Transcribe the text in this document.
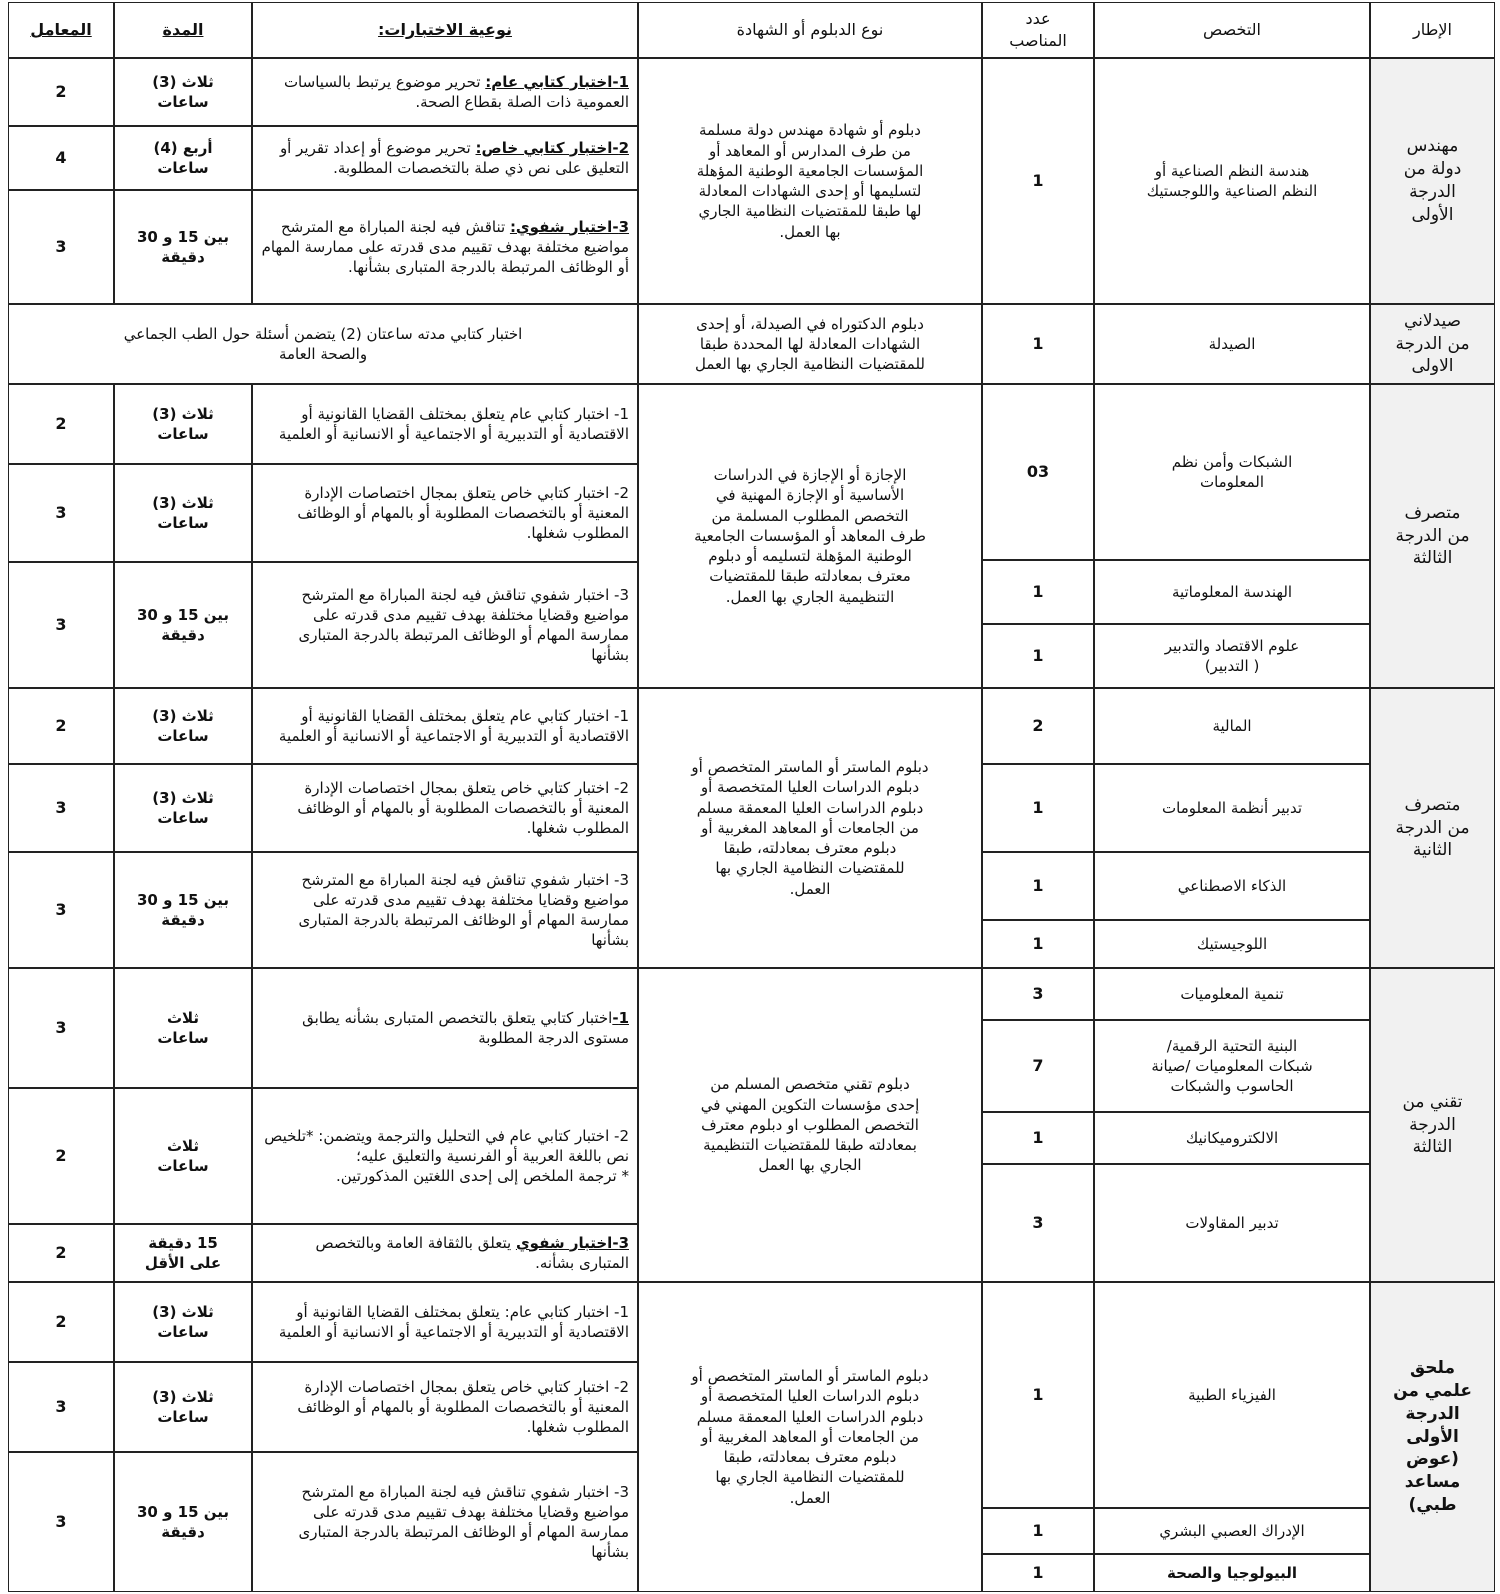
الإطار
التخصص
عدد
المناصب
نوع الدبلوم أو الشهادة
نوعية الاختبارات:
المدة
المعامل
مهندس
دولة من
الدرجة
الأولى
هندسة النظم الصناعية أو
النظم الصناعية واللوجستيك
1
دبلوم أو شهادة مهندس دولة مسلمة
من طرف المدارس أو المعاهد أو
المؤسسات الجامعية الوطنية المؤهلة
لتسليمها أو إحدى الشهادات المعادلة
لها طبقا للمقتضيات النظامية الجاري
بها العمل.
1-اختبار كتابي عام: تحرير موضوع يرتبط بالسياسات العمومية ذات الصلة بقطاع الصحة.
ثلاث (3)
ساعات
2
2-اختبار كتابي خاص: تحرير موضوع أو إعداد تقرير أو التعليق على نص ذي صلة بالتخصصات المطلوبة.
أربع (4)
ساعات
4
3-اختبار شفوي: تناقش فيه لجنة المباراة مع المترشح مواضيع مختلفة بهدف تقييم مدى قدرته على ممارسة المهام أو الوظائف المرتبطة بالدرجة المتبارى بشأنها.
بين 15 و 30
دقيقة
3
صيدلاني
من الدرجة
الاولى
الصيدلة
1
دبلوم الدكتوراه في الصيدلة، أو إحدى
الشهادات المعادلة لها المحددة طبقا
للمقتضيات النظامية الجاري بها العمل
اختبار كتابي مدته ساعتان (2) يتضمن أسئلة حول الطب الجماعي
والصحة العامة
متصرف
من الدرجة
الثالثة
الشبكات وأمن نظم
المعلومات
03
الهندسة المعلوماتية
1
علوم الاقتصاد والتدبير
( التدبير)
1
الإجازة أو الإجازة في الدراسات
الأساسية أو الإجازة المهنية في
التخصص المطلوب المسلمة من
طرف المعاهد أو المؤسسات الجامعية
الوطنية المؤهلة لتسليمه أو دبلوم
معترف بمعادلته طبقا للمقتضيات
التنظيمية الجاري بها العمل.
1- اختبار كتابي عام يتعلق بمختلف القضايا القانونية أو الاقتصادية أو التدبيرية أو الاجتماعية أو الانسانية أو العلمية
ثلاث (3)
ساعات
2
2- اختبار كتابي خاص يتعلق بمجال اختصاصات الإدارة المعنية أو بالتخصصات المطلوبة أو بالمهام أو الوظائف المطلوب شغلها.
ثلاث (3)
ساعات
3
3- اختبار شفوي تناقش فيه لجنة المباراة مع المترشح مواضيع وقضايا مختلفة بهدف تقييم مدى قدرته على ممارسة المهام أو الوظائف المرتبطة بالدرجة المتبارى بشأنها
بين 15 و 30
دقيقة
3
متصرف
من الدرجة
الثانية
المالية
2
تدبير أنظمة المعلومات
1
الذكاء الاصطناعي
1
اللوجيستيك
1
دبلوم الماستر أو الماستر المتخصص أو
دبلوم الدراسات العليا المتخصصة أو
دبلوم الدراسات العليا المعمقة مسلم
من الجامعات أو المعاهد المغربية أو
دبلوم معترف بمعادلته، طبقا
للمقتضيات النظامية الجاري بها
العمل.
1- اختبار كتابي عام يتعلق بمختلف القضايا القانونية أو الاقتصادية أو التدبيرية أو الاجتماعية أو الانسانية أو العلمية
ثلاث (3)
ساعات
2
2- اختبار كتابي خاص يتعلق بمجال اختصاصات الإدارة المعنية أو بالتخصصات المطلوبة أو بالمهام أو الوظائف المطلوب شغلها.
ثلاث (3)
ساعات
3
3- اختبار شفوي تناقش فيه لجنة المباراة مع المترشح مواضيع وقضايا مختلفة بهدف تقييم مدى قدرته على ممارسة المهام أو الوظائف المرتبطة بالدرجة المتبارى بشأنها
بين 15 و 30
دقيقة
3
تقني من
الدرجة
الثالثة
تنمية المعلوميات
3
البنية التحتية الرقمية/
شبكات المعلوميات /صيانة
الحاسوب والشبكات
7
الالكتروميكانيك
1
تدبير المقاولات
3
دبلوم تقني متخصص المسلم من
إحدى مؤسسات التكوين المهني في
التخصص المطلوب او دبلوم معترف
بمعادلته طبقا للمقتضيات التنظيمية
الجاري بها العمل
1-اختبار كتابي يتعلق بالتخصص المتبارى بشأنه يطابق مستوى الدرجة المطلوبة
ثلاث
ساعات
3
2- اختبار كتابي عام في التحليل والترجمة ويتضمن: *تلخيص نص باللغة العربية أو الفرنسية والتعليق عليه؛
* ترجمة الملخص إلى إحدى اللغتين المذكورتين.
ثلاث
ساعات
2
3-اختبار شفوي يتعلق بالثقافة العامة وبالتخصص المتبارى بشأنه.
15 دقيقة
على الأقل
2
ملحق
علمي من
الدرجة
الأولى
(عوض
مساعد
طبي)
الفيزياء الطبية
1
الإدراك العصبي البشري
1
البيولوجيا والصحة
1
دبلوم الماستر أو الماستر المتخصص أو
دبلوم الدراسات العليا المتخصصة أو
دبلوم الدراسات العليا المعمقة مسلم
من الجامعات أو المعاهد المغربية أو
دبلوم معترف بمعادلته، طبقا
للمقتضيات النظامية الجاري بها
العمل.
1- اختبار كتابي عام: يتعلق بمختلف القضايا القانونية أو الاقتصادية أو التدبيرية أو الاجتماعية أو الانسانية أو العلمية
ثلاث (3)
ساعات
2
2- اختبار كتابي خاص يتعلق بمجال اختصاصات الإدارة المعنية أو بالتخصصات المطلوبة أو بالمهام أو الوظائف المطلوب شغلها.
ثلاث (3)
ساعات
3
3- اختبار شفوي تناقش فيه لجنة المباراة مع المترشح مواضيع وقضايا مختلفة بهدف تقييم مدى قدرته على ممارسة المهام أو الوظائف المرتبطة بالدرجة المتبارى بشأنها
بين 15 و 30
دقيقة
3
